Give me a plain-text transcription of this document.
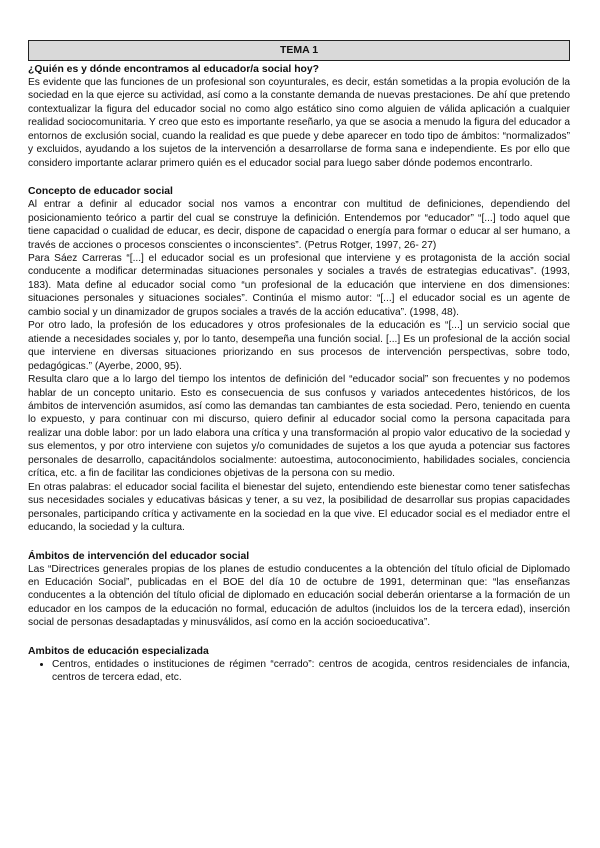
TEMA 1
¿Quién es y dónde encontramos al educador/a social hoy?

Es evidente que las funciones de un profesional son coyunturales, es decir, están sometidas a la propia evolución de la sociedad en la que ejerce su actividad, así como a la constante demanda de nuevas prestaciones. De ahí que pretendo contextualizar la figura del educador social no como algo estático sino como alguien de válida aplicación a cualquier realidad sociocomunitaria. Y creo que esto es importante reseñarlo, ya que se asocia a menudo la figura del educador a entornos de exclusión social, cuando la realidad es que puede y debe aparecer en todo tipo de ámbitos: “normalizados” y excluidos, ayudando a los sujetos de la intervención a desarrollarse de forma sana e independiente. Es por ello que considero importante aclarar primero quién es el educador social para luego saber dónde podemos encontrarlo.

Concepto de educador social

Al entrar a definir al educador social nos vamos a encontrar con multitud de definiciones, dependiendo del posicionamiento teórico a partir del cual se construye la definición. Entendemos por “educador” “[...] todo aquel que tiene capacidad o cualidad de educar, es decir, dispone de capacidad o energía para formar o educar al ser humano, a través de acciones o procesos conscientes o inconscientes”. (Petrus Rotger, 1997, 26- 27)

Para Sáez Carreras “[...] el educador social es un profesional que interviene y es protagonista de la acción social conducente a modificar determinadas situaciones personales y sociales a través de estrategias educativas”. (1993, 183). Mata define al educador social como “un profesional de la educación que interviene en dos dimensiones: situaciones personales y situaciones sociales”. Continúa el mismo autor: “[...] el educador social es un agente de cambio social y un dinamizador de grupos sociales a través de la acción educativa”. (1998, 48).

Por otro lado, la profesión de los educadores y otros profesionales de la educación es “[...] un servicio social que atiende a necesidades sociales y, por lo tanto, desempeña una función social. [...] Es un profesional de la acción social que interviene en diversas situaciones priorizando en sus procesos de intervención perspectivas, sobre todo, pedagógicas.” (Ayerbe, 2000, 95).

Resulta claro que a lo largo del tiempo los intentos de definición del “educador social” son frecuentes y no podemos hablar de un concepto unitario. Esto es consecuencia de sus confusos y variados antecedentes históricos, de los ámbitos de intervención asumidos, así como las demandas tan cambiantes de esta sociedad. Pero, teniendo en cuenta lo expuesto, y para continuar con mi discurso, quiero definir al educador social como la persona capacitada para realizar una doble labor: por un lado elabora una crítica y una transformación al propio valor educativo de la sociedad y sus elementos, y por otro interviene con sujetos y/o comunidades de sujetos a los que ayuda a potenciar sus factores personales de desarrollo, capacitándolos socialmente: autoestima, autoconocimiento, habilidades sociales, conciencia crítica, etc. a fin de facilitar las condiciones objetivas de la persona con su medio.

En otras palabras: el educador social facilita el bienestar del sujeto, entendiendo este bienestar como tener satisfechas sus necesidades sociales y educativas básicas y tener, a su vez, la posibilidad de desarrollar sus propias capacidades personales, participando crítica y activamente en la sociedad en la que vive. El educador social es el mediador entre el educando, la sociedad y la cultura.

Ámbitos de intervención del educador social

Las “Directrices generales propias de los planes de estudio conducentes a la obtención del título oficial de Diplomado en Educación Social”, publicadas en el BOE del día 10 de octubre de 1991, determinan que: “las enseñanzas conducentes a la obtención del título oficial de diplomado en educación social deberán orientarse a la formación de un educador en los campos de la educación no formal, educación de adultos (incluidos los de la tercera edad), inserción social de personas desadaptadas y minusválidos, así como en la acción socioeducativa”.

Ambitos de educación especializada
• Centros, entidades o instituciones de régimen “cerrado”: centros de acogida, centros residenciales de infancia, centros de tercera edad, etc.
